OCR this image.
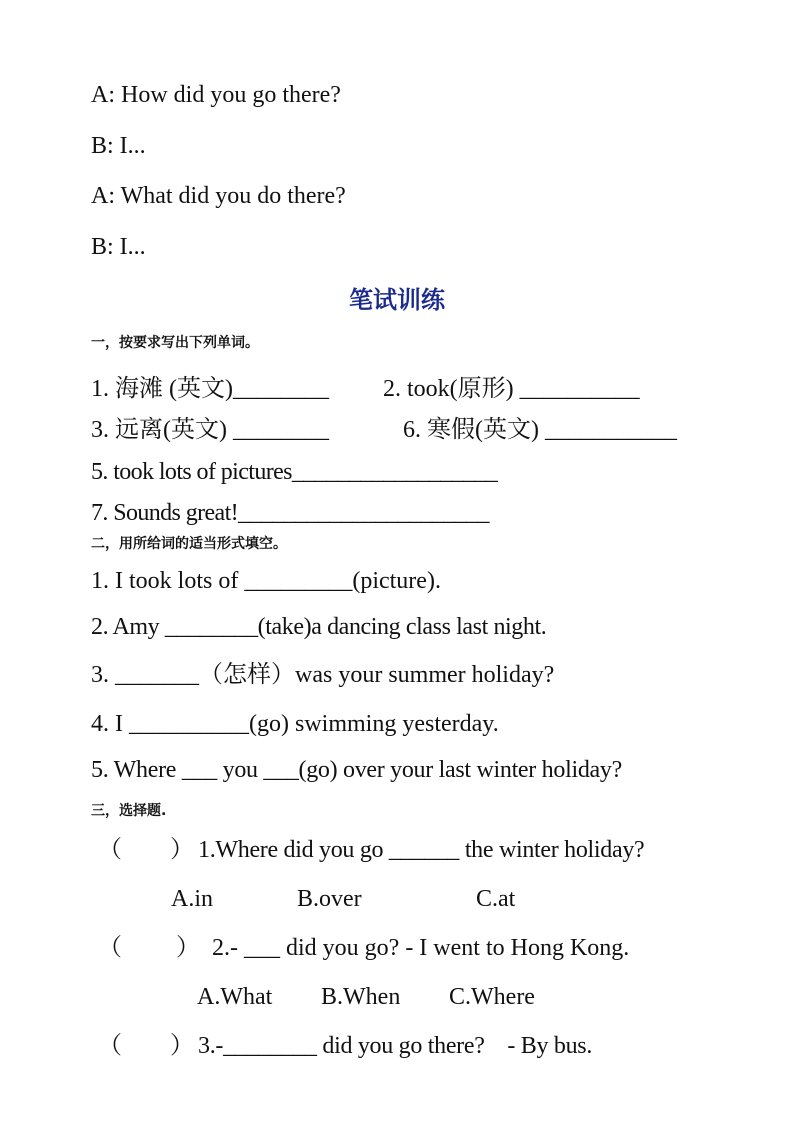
A: How did you go there?
B: I...
A: What did you do there?
B: I...
笔试训练
一，按要求写出下列单词。
1. 海滩 (英文)________ 2. took(原形) __________
3. 远离(英文) ________	6. 寒假(英文) ___________
5. took lots of pictures__________________
7. Sounds great!______________________
二，用所给词的适当形式填空。
1. I took lots of _________(picture).
2. Amy ________(take)a dancing class last night.
3. _______（怎样）was your summer holiday?
4. I __________(go) swimming yesterday.
5. Where ___ you ___(go) over your last winter holiday?
三，选择题.
（        ） 1.Where did you go ______ the winter holiday?
A.in	B.over	C.at
（         ） 2.- ___ did you go? - I went to Hong Kong.
A.What B.When C.Where
（        ） 3.-________ did you go there?    - By bus.
